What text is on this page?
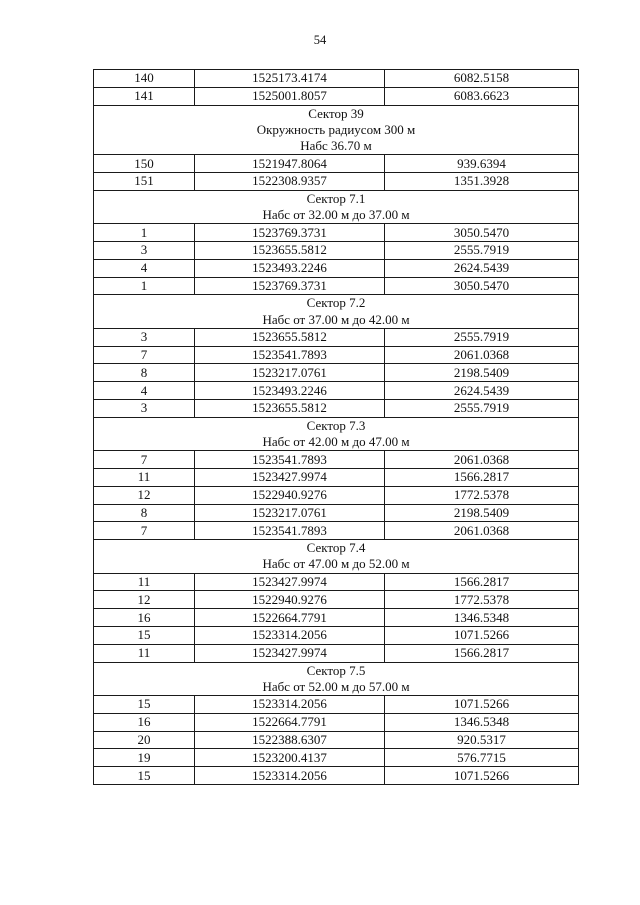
54
140	1525173.4174	6082.5158
141	1525001.8057	6083.6623

Сектор 39
Окружность радиусом 300 м
Набс 36.70 м		

150	1521947.8064	939.6394
151	1522308.9357	1351.3928

Сектор 7.1
Набс от 32.00 м до 37.00 м		

1	1523769.3731	3050.5470
3	1523655.5812	2555.7919
4	1523493.2246	2624.5439
1	1523769.3731	3050.5470

Сектор 7.2
Набс от 37.00 м до 42.00 м		

3	1523655.5812	2555.7919
7	1523541.7893	2061.0368
8	1523217.0761	2198.5409
4	1523493.2246	2624.5439
3	1523655.5812	2555.7919

Сектор 7.3
Набс от 42.00 м до 47.00 м		

7	1523541.7893	2061.0368
11	1523427.9974	1566.2817
12	1522940.9276	1772.5378
8	1523217.0761	2198.5409
7	1523541.7893	2061.0368

Сектор 7.4
Набс от 47.00 м до 52.00 м		

11	1523427.9974	1566.2817
12	1522940.9276	1772.5378
16	1522664.7791	1346.5348
15	1523314.2056	1071.5266
11	1523427.9974	1566.2817

Сектор 7.5
Набс от 52.00 м до 57.00 м		

15	1523314.2056	1071.5266
16	1522664.7791	1346.5348
20	1522388.6307	920.5317
19	1523200.4137	576.7715
15	1523314.2056	1071.5266
